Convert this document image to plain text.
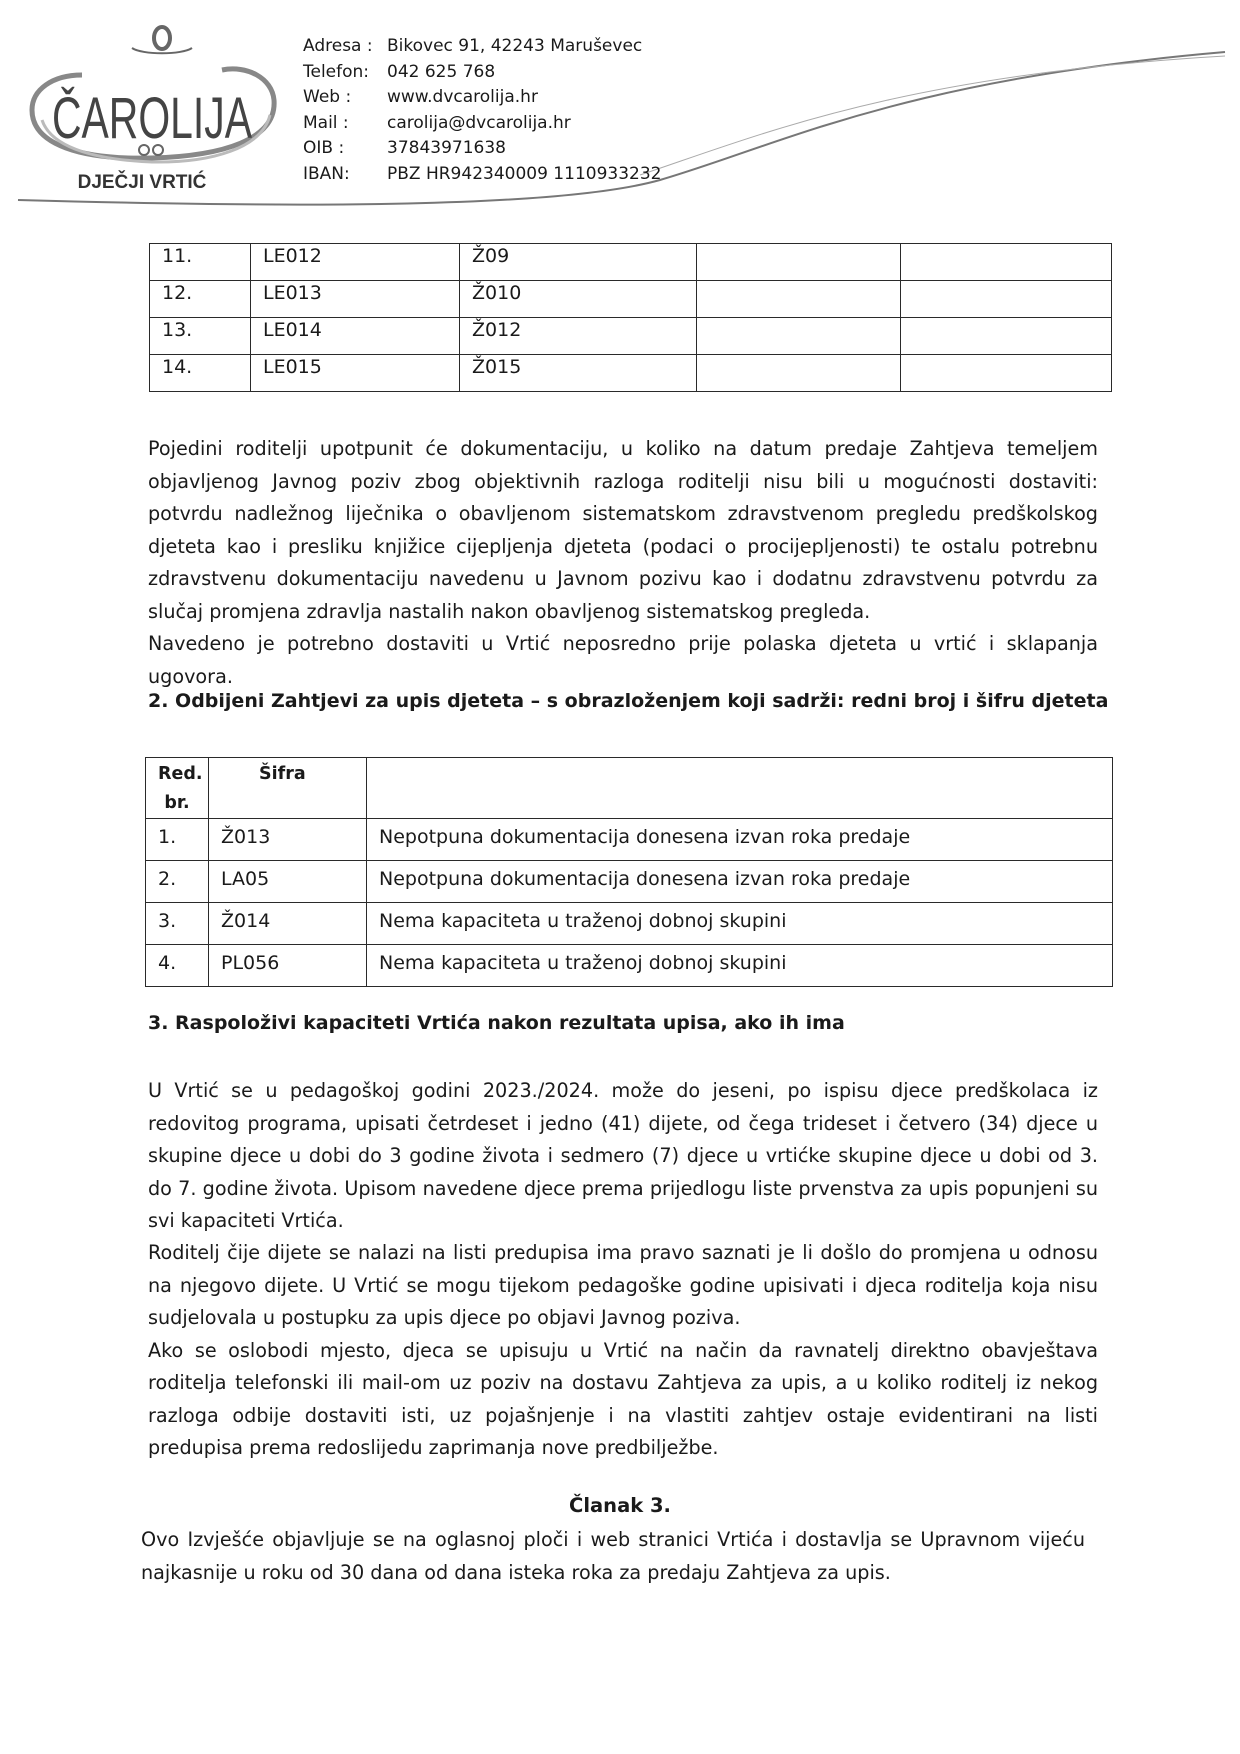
ČAROLIJA
DJEČJI VRTIĆ
Adresa : Bikovec 91, 42243 Maruševec
Telefon:	042 625 768
Web :	www.dvcarolija.hr
Mail :	carolija@dvcarolija.hr
OIB :	37843971638
IBAN:	PBZ HR942340009 1110933232
11.	LE012	Ž09		
12.	LE013	Ž010		
13.	LE014	Ž012		
14.	LE015	Ž015		

Pojedini roditelji upotpunit će dokumentaciju, u koliko na datum predaje Zahtjeva temeljem objavljenog Javnog poziv zbog objektivnih razloga roditelji nisu bili u mogućnosti dostaviti: potvrdu nadležnog liječnika o obavljenom sistematskom zdravstvenom pregledu predškolskog djeteta kao i presliku knjižice cijepljenja djeteta (podaci o procijepljenosti) te ostalu potrebnu zdravstvenu dokumentaciju navedenu u Javnom pozivu kao i dodatnu zdravstvenu potvrdu za slučaj promjena zdravlja nastalih nakon obavljenog sistematskog pregleda.

Navedeno je potrebno dostaviti u Vrtić neposredno prije polaska djeteta u vrtić i sklapanja ugovora.

2. Odbijeni Zahtjevi za upis djeteta – s obrazloženjem koji sadrži: redni broj i šifru djeteta
Red.
br.	Šifra	
1.	Ž013	Nepotpuna dokumentacija donesena izvan roka predaje
2.	LA05	Nepotpuna dokumentacija donesena izvan roka predaje
3.	Ž014	Nema kapaciteta u traženoj dobnoj skupini
4.	PL056	Nema kapaciteta u traženoj dobnoj skupini
3. Raspoloživi kapaciteti Vrtića nakon rezultata upisa, ako ih ima

U Vrtić se u pedagoškoj godini 2023./2024. može do jeseni, po ispisu djece predškolaca iz redovitog programa, upisati četrdeset i jedno (41) dijete, od čega trideset i četvero (34) djece u skupine djece u dobi do 3 godine života i sedmero (7) djece u vrtićke skupine djece u dobi od 3. do 7. godine života. Upisom navedene djece prema prijedlogu liste prvenstva za upis popunjeni su svi kapaciteti Vrtića.

Roditelj čije dijete se nalazi na listi predupisa ima pravo saznati je li došlo do promjena u odnosu na njegovo dijete. U Vrtić se mogu tijekom pedagoške godine upisivati i djeca roditelja koja nisu sudjelovala u postupku za upis djece po objavi Javnog poziva.

Ako se oslobodi mjesto, djeca se upisuju u Vrtić na način da ravnatelj direktno obavještava roditelja telefonski ili mail-om uz poziv na dostavu Zahtjeva za upis, a u koliko roditelj iz nekog razloga odbije dostaviti isti, uz pojašnjenje i na vlastiti zahtjev ostaje evidentirani na listi predupisa prema redoslijedu zaprimanja nove predbilježbe.

Članak 3.

Ovo Izvješće objavljuje se na oglasnoj ploči i web stranici Vrtića i dostavlja se Upravnom vijeću najkasnije u roku od 30 dana od dana isteka roka za predaju Zahtjeva za upis.
